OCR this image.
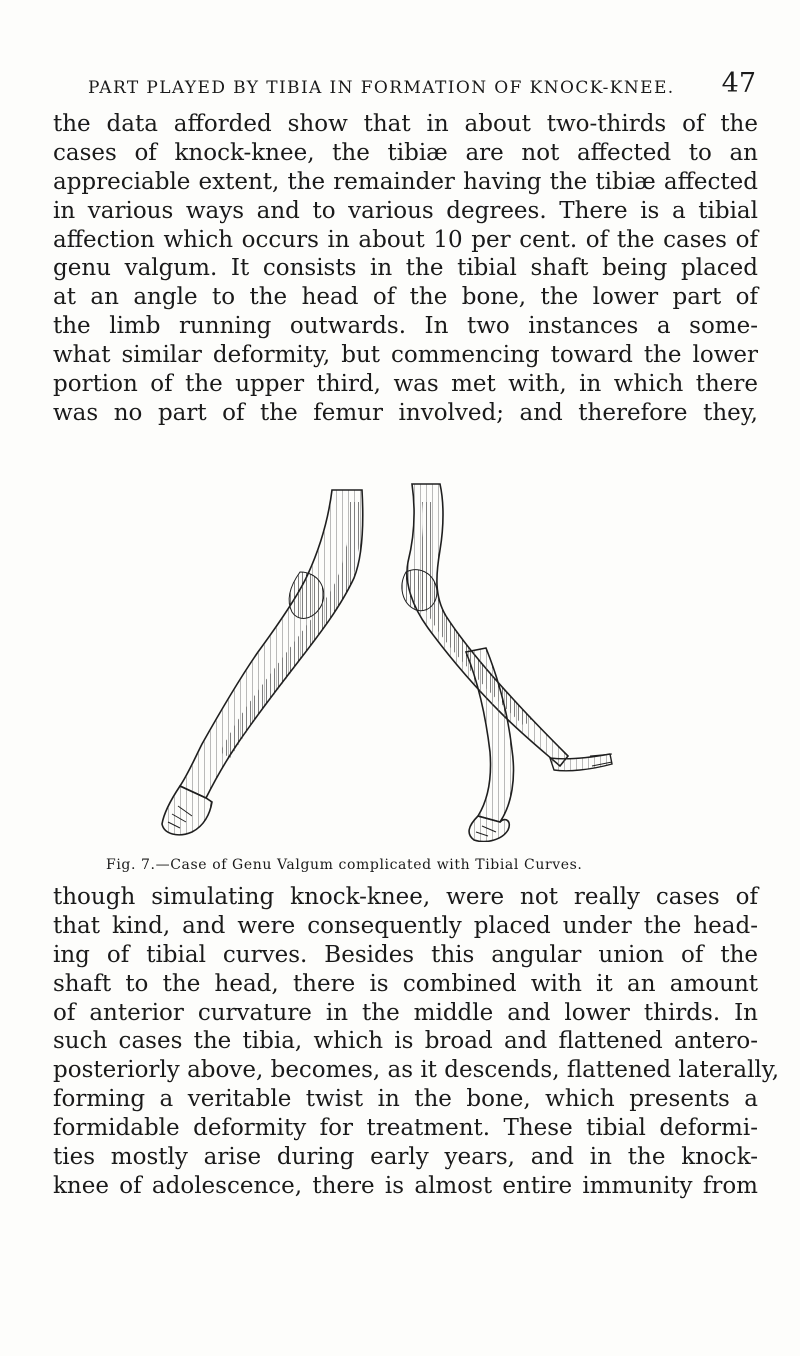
PART PLAYED BY TIBIA IN FORMATION OF KNOCK-KNEE. 47
the data afforded show that in about two-thirds of the
cases of knock-knee, the tibiæ are not affected to an
appreciable extent, the remainder having the tibiæ affected
in various ways and to various degrees. There is a tibial
affection which occurs in about 10 per cent. of the cases of
genu valgum. It consists in the tibial shaft being placed
at an angle to the head of the bone, the lower part of
the limb running outwards. In two instances a some-
what similar deformity, but commencing toward the lower
portion of the upper third, was met with, in which there
was no part of the femur involved; and therefore they,
Fig. 7.—Case of Genu Valgum complicated with Tibial Curves.
though simulating knock-knee, were not really cases of
that kind, and were consequently placed under the head-
ing of tibial curves. Besides this angular union of the
shaft to the head, there is combined with it an amount
of anterior curvature in the middle and lower thirds. In
such cases the tibia, which is broad and flattened antero-
posteriorly above, becomes, as it descends, flattened laterally,
forming a veritable twist in the bone, which presents a
formidable deformity for treatment. These tibial deformi-
ties mostly arise during early years, and in the knock-
knee of adolescence, there is almost entire immunity from
